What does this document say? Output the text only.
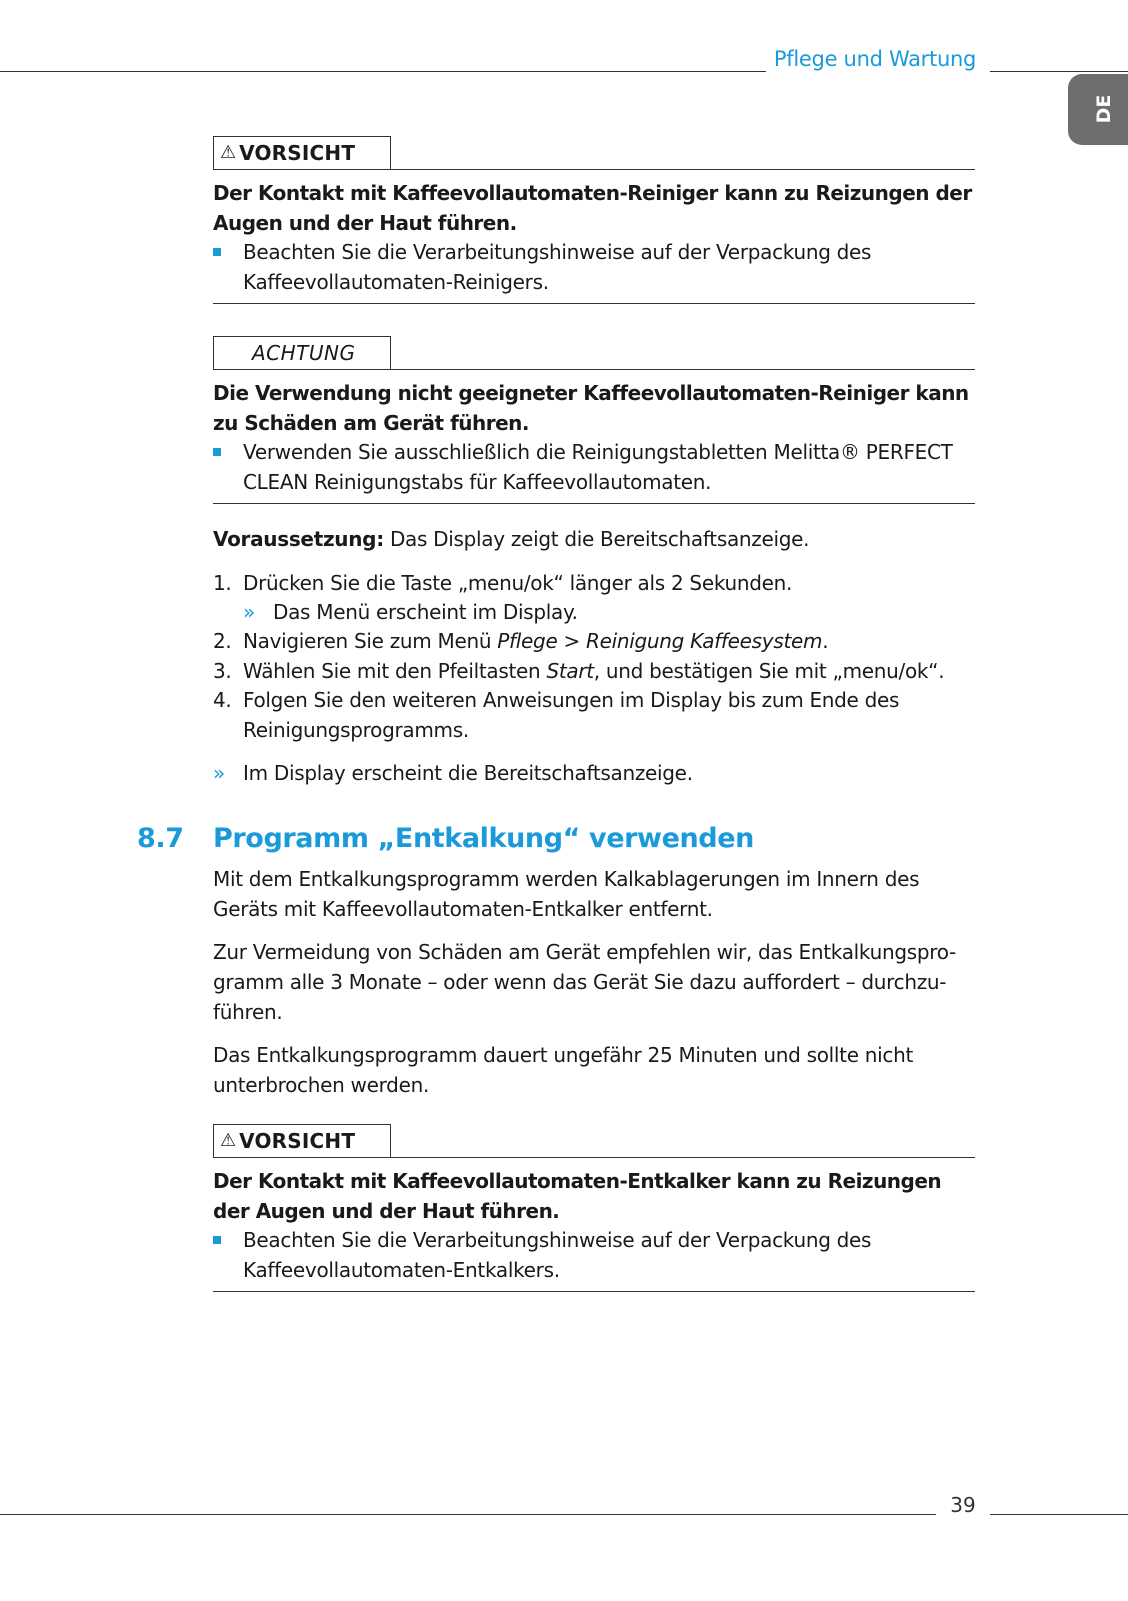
Pflege und Wartung
DE
⚠ VORSICHT
Der Kontakt mit Kaffeevollautomaten-Reiniger kann zu Reizungen der Augen und der Haut führen.
Beachten Sie die Verarbeitungshinweise auf der Verpackung des Kaffeevollautomaten-Reinigers.
ACHTUNG
Die Verwendung nicht geeigneter Kaffeevollautomaten-Reiniger kann zu Schäden am Gerät führen.
Verwenden Sie ausschließlich die Reinigungstabletten Melitta® PERFECT CLEAN Reinigungstabs für Kaffeevollautomaten.
Voraussetzung: Das Display zeigt die Bereitschaftsanzeige.
1. Drücken Sie die Taste „menu/ok“ länger als 2 Sekunden.
» Das Menü erscheint im Display.
2. Navigieren Sie zum Menü Pflege > Reinigung Kaffeesystem.
3. Wählen Sie mit den Pfeiltasten Start, und bestätigen Sie mit „menu/ok“.
4. Folgen Sie den weiteren Anweisungen im Display bis zum Ende des Reinigungsprogramms.
» Im Display erscheint die Bereitschaftsanzeige.
8.7 Programm „Entkalkung“ verwenden
Mit dem Entkalkungsprogramm werden Kalkablagerungen im Innern des Geräts mit Kaffeevollautomaten-Entkalker entfernt.
Zur Vermeidung von Schäden am Gerät empfehlen wir, das Entkalkungspro-
gramm alle 3 Monate – oder wenn das Gerät Sie dazu auffordert – durchzu-
führen.
Das Entkalkungsprogramm dauert ungefähr 25 Minuten und sollte nicht unterbrochen werden.
⚠ VORSICHT
Der Kontakt mit Kaffeevollautomaten-Entkalker kann zu Reizungen der Augen und der Haut führen.
Beachten Sie die Verarbeitungshinweise auf der Verpackung des Kaffeevollautomaten-Entkalkers.
39
